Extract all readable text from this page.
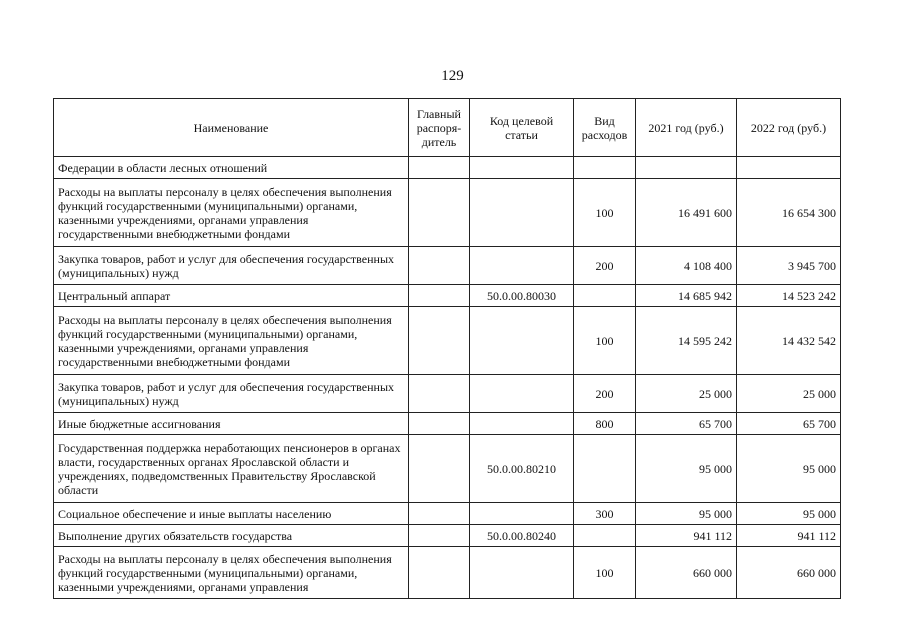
129
Наименование	Главный распоря-дитель	Код целевой статьи	Вид расходов	2021 год (руб.)	2022 год (руб.)
Федерации в области лесных отношений					
Расходы на выплаты персоналу в целях обеспечения выполнения функций государственными (муниципальными) органами, казенными учреждениями, органами управления государственными внебюджетными фондами			100	16 491 600	16 654 300
Закупка товаров, работ и услуг для обеспечения государственных (муниципальных) нужд			200	4 108 400	3 945 700
Центральный аппарат		50.0.00.80030		14 685 942	14 523 242
Расходы на выплаты персоналу в целях обеспечения выполнения функций государственными (муниципальными) органами, казенными учреждениями, органами управления государственными внебюджетными фондами			100	14 595 242	14 432 542
Закупка товаров, работ и услуг для обеспечения государственных (муниципальных) нужд			200	25 000	25 000
Иные бюджетные ассигнования			800	65 700	65 700
Государственная поддержка неработающих пенсионеров в органах власти, государственных органах Ярославской области и учреждениях, подведомственных Правительству Ярославской области		50.0.00.80210		95 000	95 000
Социальное обеспечение и иные выплаты населению			300	95 000	95 000
Выполнение других обязательств государства		50.0.00.80240		941 112	941 112
Расходы на выплаты персоналу в целях обеспечения выполнения функций государственными (муниципальными) органами, казенными учреждениями, органами управления			100	660 000	660 000
